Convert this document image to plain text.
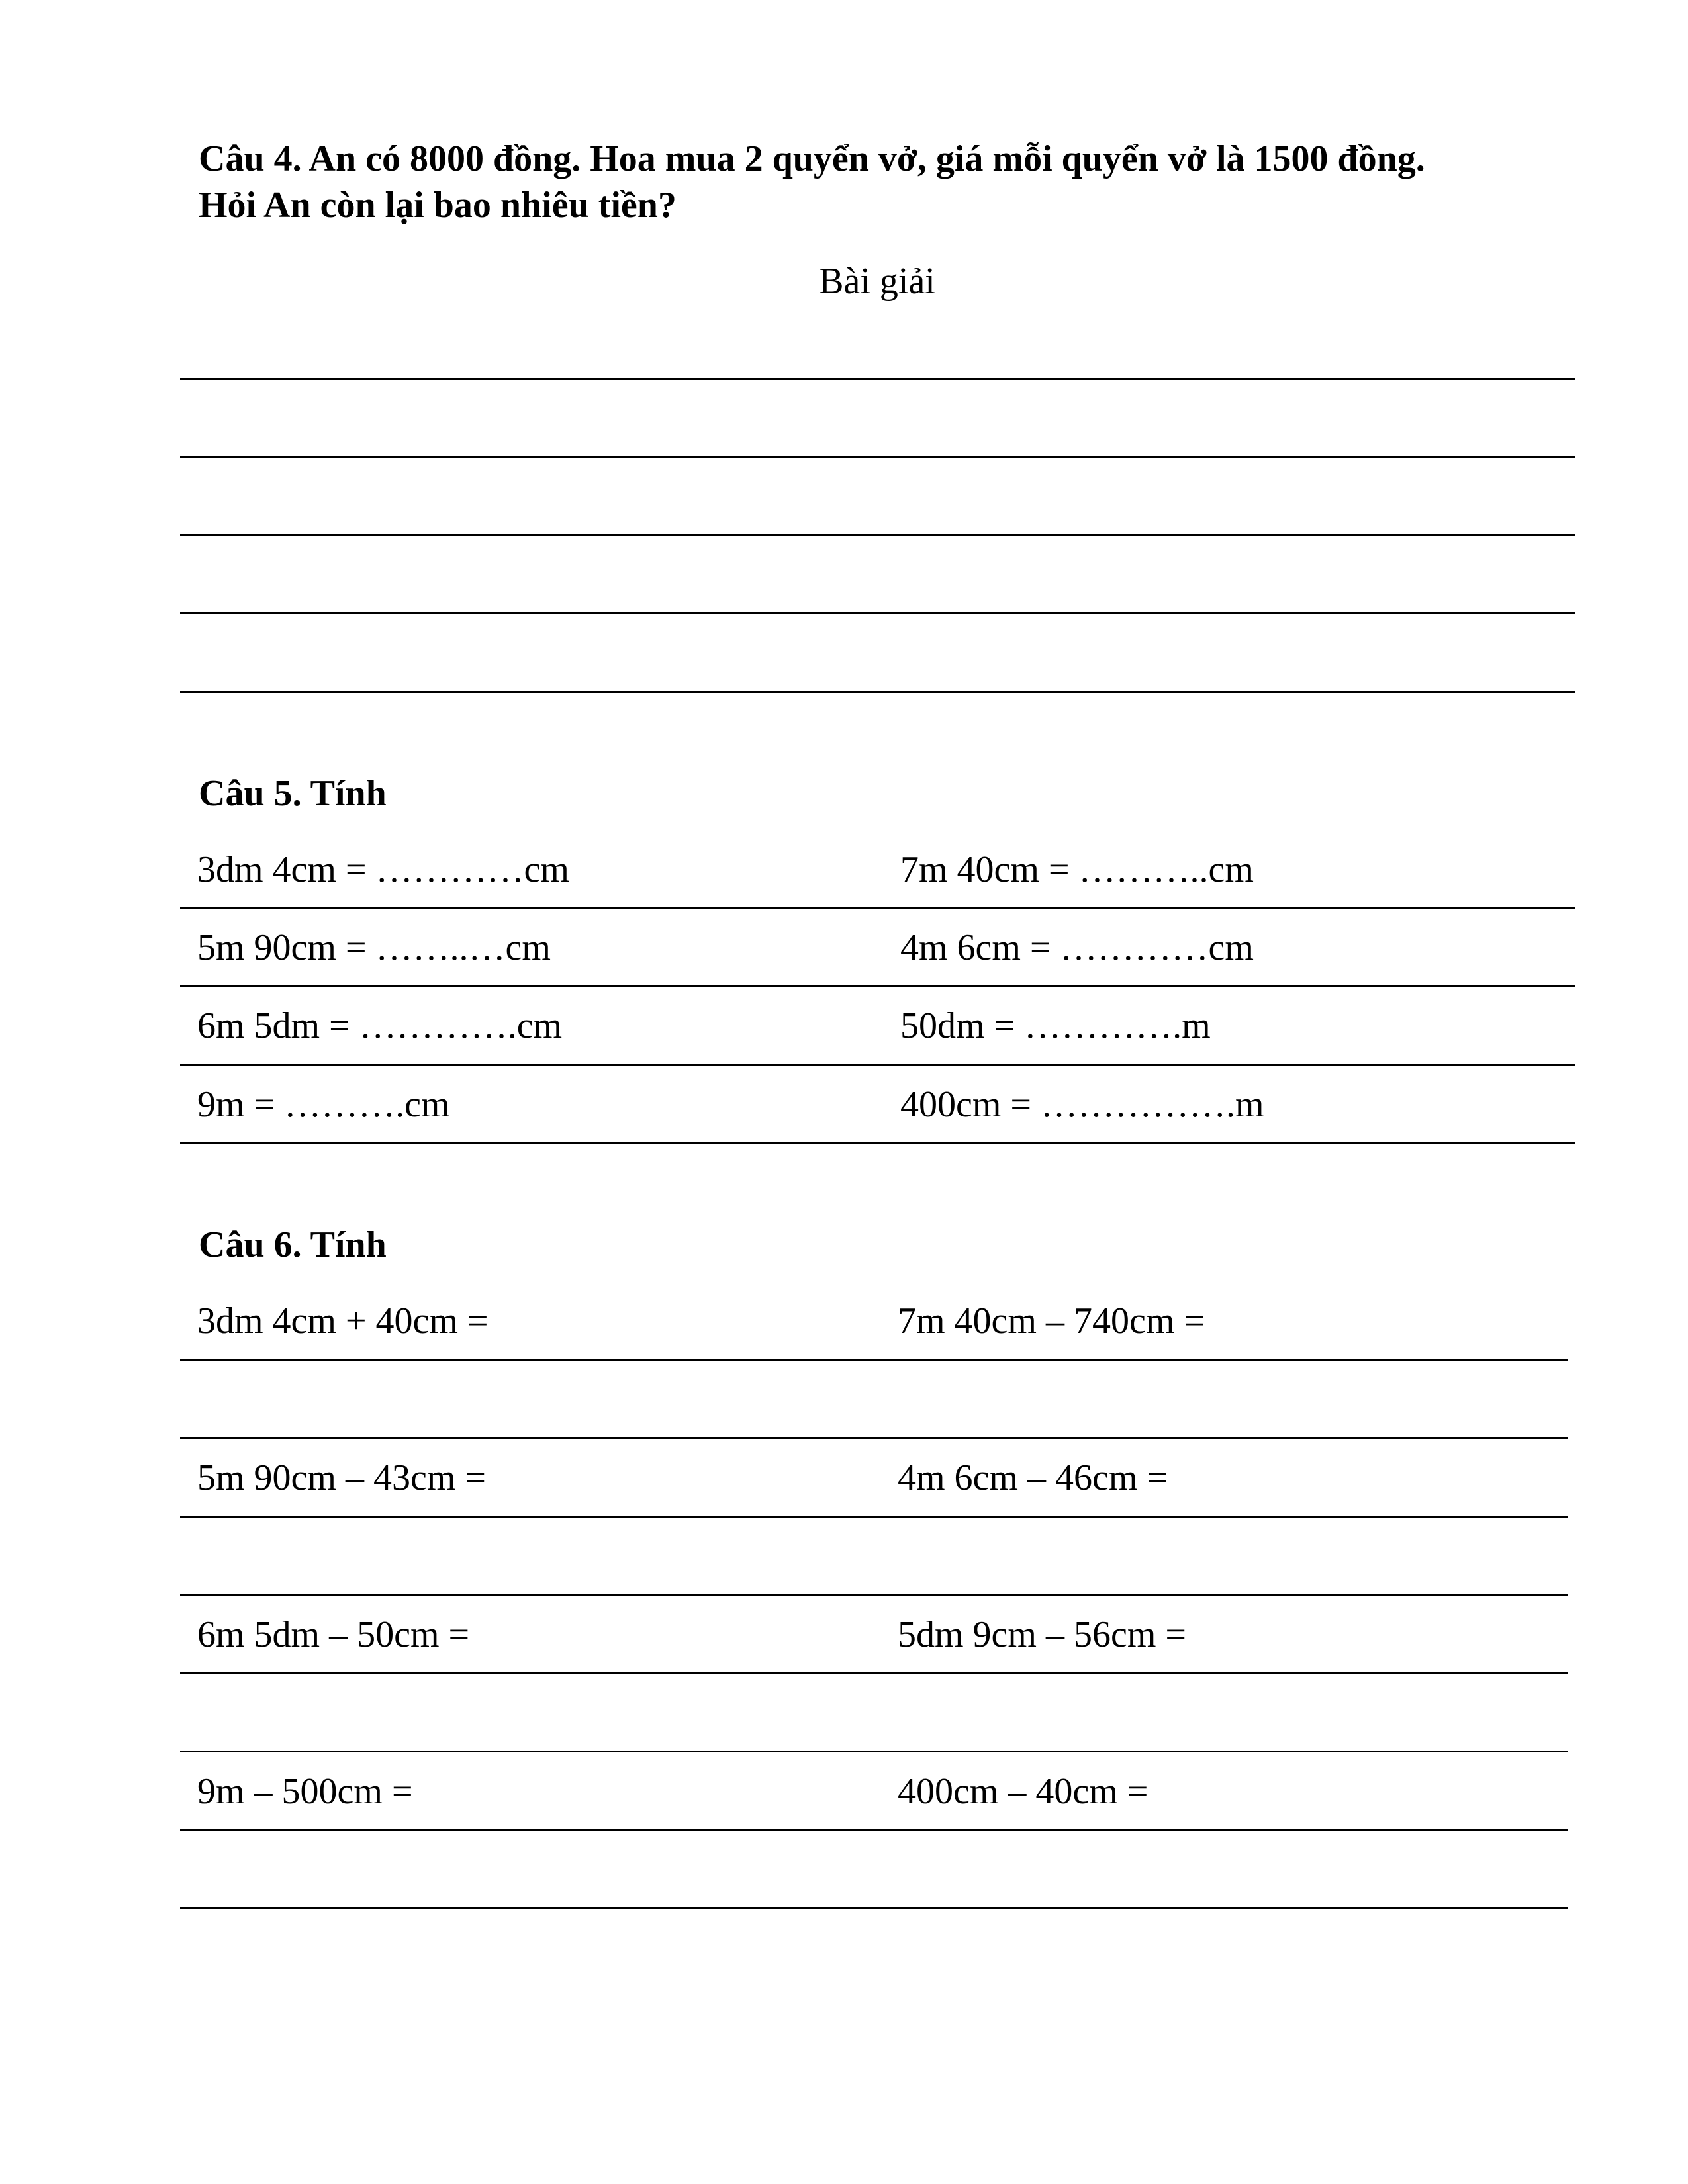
Câu 4. An có 8000 đồng. Hoa mua 2 quyển vở, giá mỗi quyển vở là 1500 đồng.
Hỏi An còn lại bao nhiêu tiền?
Bài giải
Câu 5. Tính
3dm 4cm = …………cm	7m 40cm = ………..cm
5m 90cm = ……..…cm	4m 6cm = …………cm
6m 5dm = ………….cm	50dm = ………….m
9m = ……….cm	400cm = …………….m
Câu 6. Tính
3dm 4cm + 40cm =	7m 40cm – 740cm =
5m 90cm – 43cm =	4m 6cm – 46cm =
6m 5dm – 50cm =	5dm 9cm – 56cm =
9m – 500cm =	400cm – 40cm =
